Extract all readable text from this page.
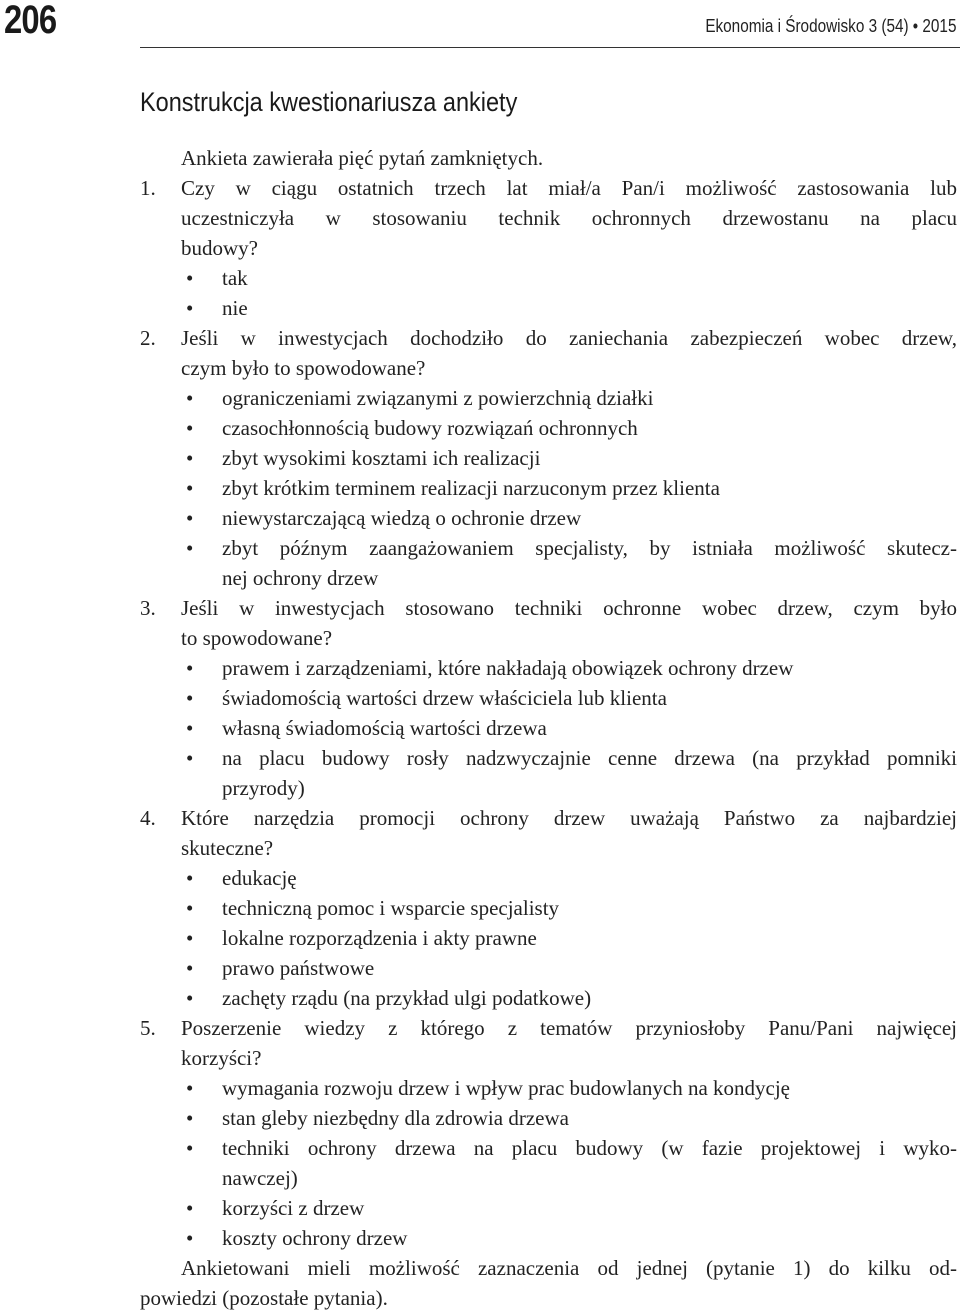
206	Ekonomia i Środowisko 3 (54) • 2015
Konstrukcja kwestionariusza ankiety
Ankieta zawierała pięć pytań zamkniętych.
1.	Czy w ciągu ostatnich trzech lat miał/a Pan/i możliwość zastosowania lub
uczestniczyła w stosowaniu technik ochronnych drzewostanu na placu
budowy?
•	tak
•	nie
2.	Jeśli w inwestycjach dochodziło do zaniechania zabezpieczeń wobec drzew,
czym było to spowodowane?
•	ograniczeniami związanymi z powierzchnią działki
•	czasochłonnością budowy rozwiązań ochronnych
•	zbyt wysokimi kosztami ich realizacji
•	zbyt krótkim terminem realizacji narzuconym przez klienta
•	niewystarczającą wiedzą o ochronie drzew
•	zbyt późnym zaangażowaniem specjalisty, by istniała możliwość skutecz-
nej ochrony drzew
3.	Jeśli w inwestycjach stosowano techniki ochronne wobec drzew, czym było
to spowodowane?
•	prawem i zarządzeniami, które nakładają obowiązek ochrony drzew
•	świadomością wartości drzew właściciela lub klienta
•	własną świadomością wartości drzewa
•	na placu budowy rosły nadzwyczajnie cenne drzewa (na przykład pomniki
przyrody)
4.	Które narzędzia promocji ochrony drzew uważają Państwo za najbardziej
skuteczne?
•	edukację
•	techniczną pomoc i wsparcie specjalisty
•	lokalne rozporządzenia i akty prawne
•	prawo państwowe
•	zachęty rządu (na przykład ulgi podatkowe)
5.	Poszerzenie wiedzy z którego z tematów przyniosłoby Panu/Pani najwięcej
korzyści?
•	wymagania rozwoju drzew i wpływ prac budowlanych na kondycję
•	stan gleby niezbędny dla zdrowia drzewa
•	techniki ochrony drzewa na placu budowy (w fazie projektowej i wyko-
nawczej)
•	korzyści z drzew
•	koszty ochrony drzew
Ankietowani mieli możliwość zaznaczenia od jednej (pytanie 1) do kilku od-
powiedzi (pozostałe pytania).
